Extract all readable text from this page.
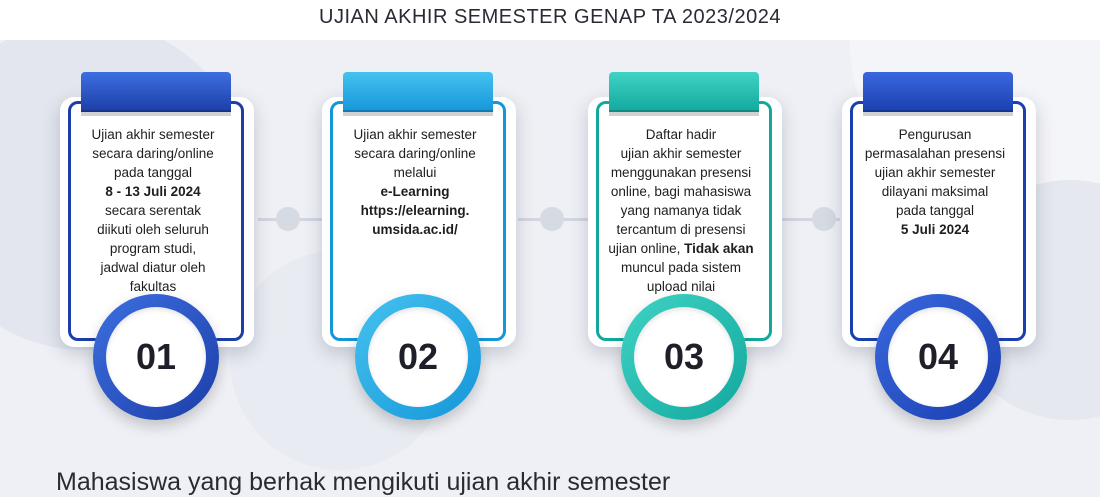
UJIAN AKHIR SEMESTER GENAP TA 2023/2024
Ujian akhir semester
secara daring/online
pada tanggal
8 - 13 Juli 2024
secara serentak
diikuti oleh seluruh
program studi,
jadwal diatur oleh
fakultas
01
Ujian akhir semester
secara daring/online
melalui
e-Learning
https://elearning.
umsida.ac.id/
02
Daftar hadir
ujian akhir semester
menggunakan presensi
online, bagi mahasiswa
yang namanya tidak
tercantum di presensi
ujian online, Tidak akan
muncul pada sistem
upload nilai
03
Pengurusan
permasalahan presensi
ujian akhir semester
dilayani maksimal
pada tanggal
5 Juli 2024
04
Mahasiswa yang berhak mengikuti ujian akhir semester
